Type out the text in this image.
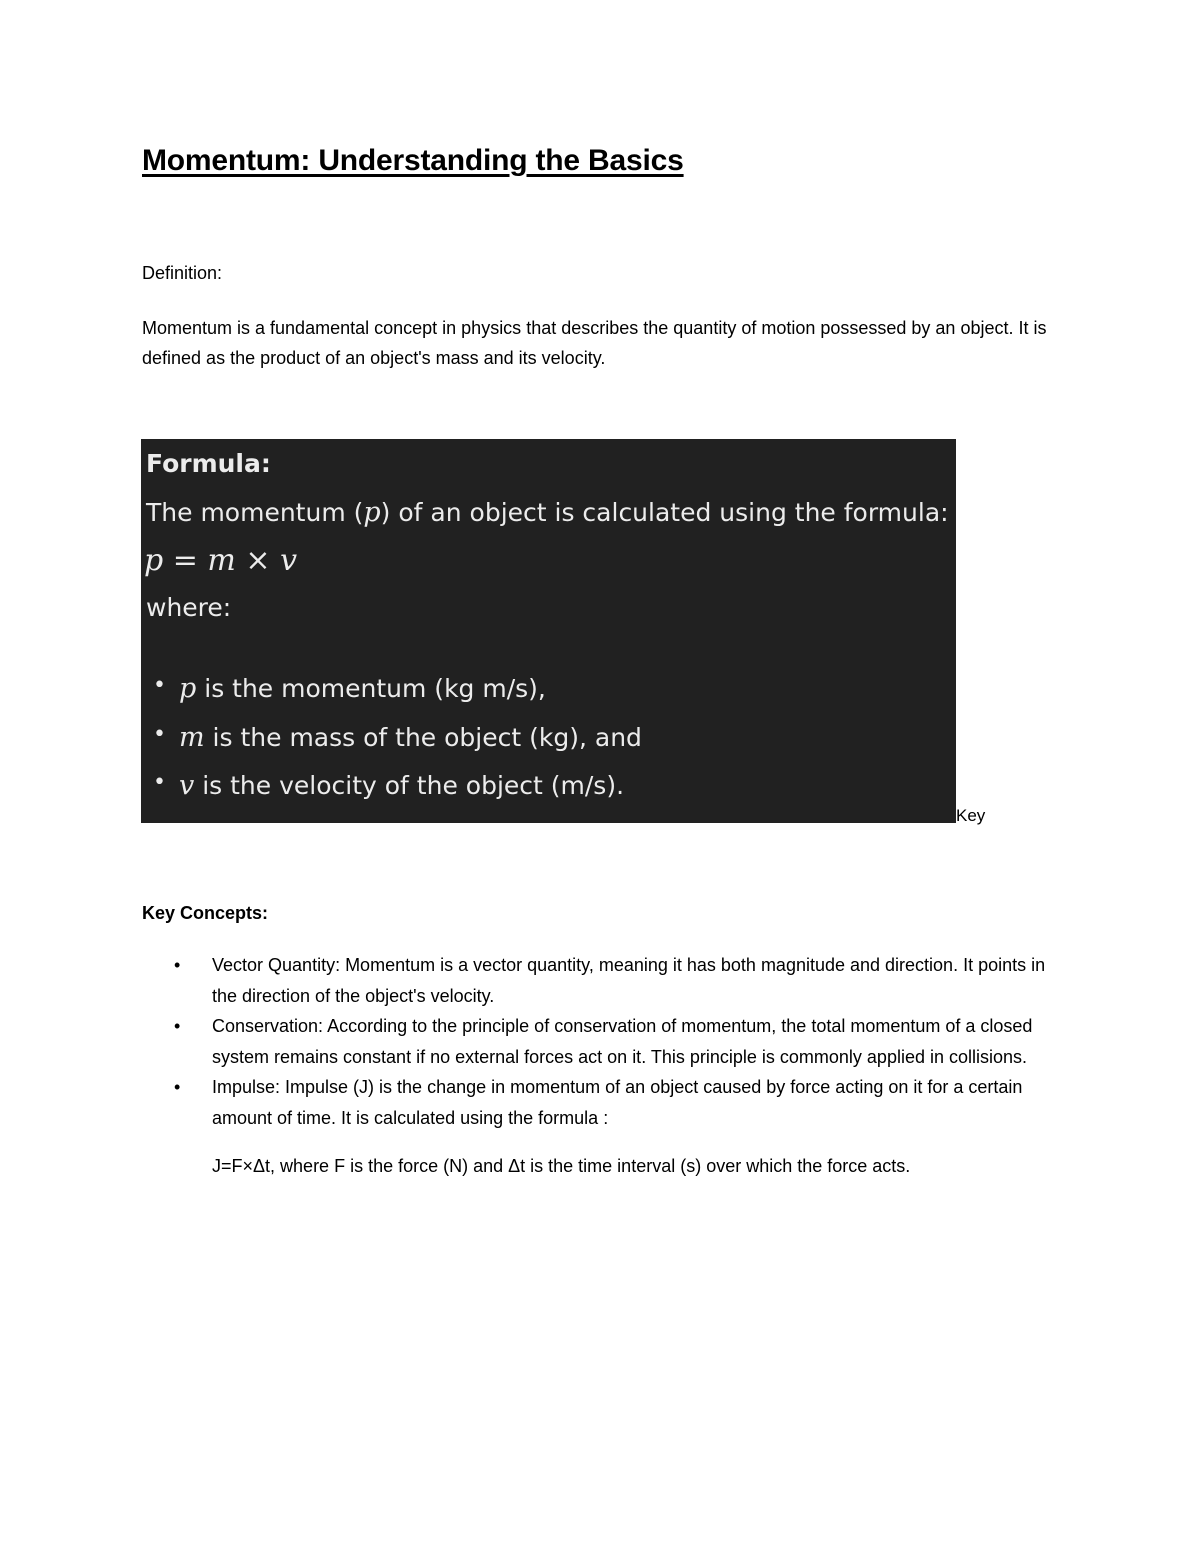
Momentum: Understanding the Basics

Definition:

Momentum is a fundamental concept in physics that describes the quantity of motion possessed by an object. It is defined as the product of an object's mass and its velocity.

Formula:

The momentum (p) of an object is calculated using the formula:

p = m × v

where:

• p is the momentum (kg m/s),
• m is the mass of the object (kg), and
• v is the velocity of the object (m/s).

Key

Key Concepts:

• Vector Quantity: Momentum is a vector quantity, meaning it has both magnitude and direction. It points in the direction of the object's velocity.
• Conservation: According to the principle of conservation of momentum, the total momentum of a closed system remains constant if no external forces act on it. This principle is commonly applied in collisions.
• Impulse: Impulse (J) is the change in momentum of an object caused by force acting on it for a certain amount of time. It is calculated using the formula :
J=F×Δt, where F is the force (N) and Δt is the time interval (s) over which the force acts.
